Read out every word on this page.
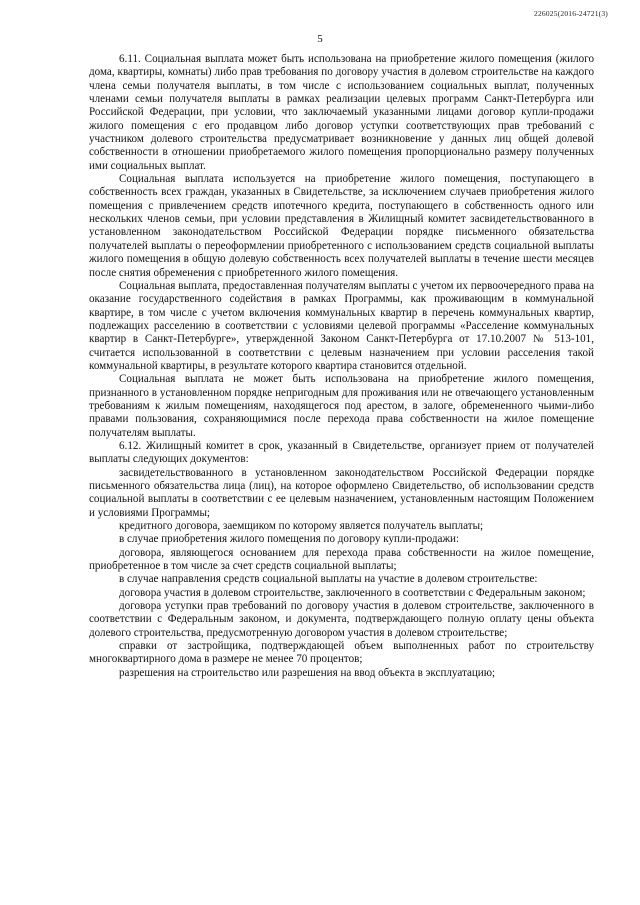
226025(2016-24721(3)
5

6.11. Социальная выплата может быть использована на приобретение жилого помещения (жилого дома, квартиры, комнаты) либо прав требования по договору участия в долевом строительстве на каждого члена семьи получателя выплаты, в том числе с использованием социальных выплат, полученных членами семьи получателя выплаты в рамках реализации целевых программ Санкт-Петербурга или Российской Федерации, при условии, что заключаемый указанными лицами договор купли-продажи жилого помещения с его продавцом либо договор уступки соответствующих прав требований с участником долевого строительства предусматривает возникновение у данных лиц общей долевой собственности в отношении приобретаемого жилого помещения пропорционально размеру полученных ими социальных выплат.

Социальная выплата используется на приобретение жилого помещения, поступающего в собственность всех граждан, указанных в Свидетельстве, за исключением случаев приобретения жилого помещения с привлечением средств ипотечного кредита, поступающего в собственность одного или нескольких членов семьи, при условии представления в Жилищный комитет засвидетельствованного в установленном законодательством Российской Федерации порядке письменного обязательства получателей выплаты о переоформлении приобретенного с использованием средств социальной выплаты жилого помещения в общую долевую собственность всех получателей выплаты в течение шести месяцев после снятия обременения с приобретенного жилого помещения.

Социальная выплата, предоставленная получателям выплаты с учетом их первоочередного права на оказание государственного содействия в рамках Программы, как проживающим в коммунальной квартире, в том числе с учетом включения коммунальных квартир в перечень коммунальных квартир, подлежащих расселению в соответствии с условиями целевой программы «Расселение коммунальных квартир в Санкт-Петербурге», утвержденной Законом Санкт-Петербурга от 17.10.2007 № 513-101, считается использованной в соответствии с целевым назначением при условии расселения такой коммунальной квартиры, в результате которого квартира становится отдельной.

Социальная выплата не может быть использована на приобретение жилого помещения, признанного в установленном порядке непригодным для проживания или не отвечающего установленным требованиям к жилым помещениям, находящегося под арестом, в залоге, обремененного чьими-либо правами пользования, сохраняющимися после перехода права собственности на жилое помещение получателям выплаты.

6.12. Жилищный комитет в срок, указанный в Свидетельстве, организует прием от получателей выплаты следующих документов:

засвидетельствованного в установленном законодательством Российской Федерации порядке письменного обязательства лица (лиц), на которое оформлено Свидетельство, об использовании средств социальной выплаты в соответствии с ее целевым назначением, установленным настоящим Положением и условиями Программы;

кредитного договора, заемщиком по которому является получатель выплаты;

в случае приобретения жилого помещения по договору купли-продажи:

договора, являющегося основанием для перехода права собственности на жилое помещение, приобретенное в том числе за счет средств социальной выплаты;

в случае направления средств социальной выплаты на участие в долевом строительстве:

договора участия в долевом строительстве, заключенного в соответствии с Федеральным законом;

договора уступки прав требований по договору участия в долевом строительстве, заключенного в соответствии с Федеральным законом, и документа, подтверждающего полную оплату цены объекта долевого строительства, предусмотренную договором участия в долевом строительстве;

справки от застройщика, подтверждающей объем выполненных работ по строительству многоквартирного дома в размере не менее 70 процентов;

разрешения на строительство или разрешения на ввод объекта в эксплуатацию;
